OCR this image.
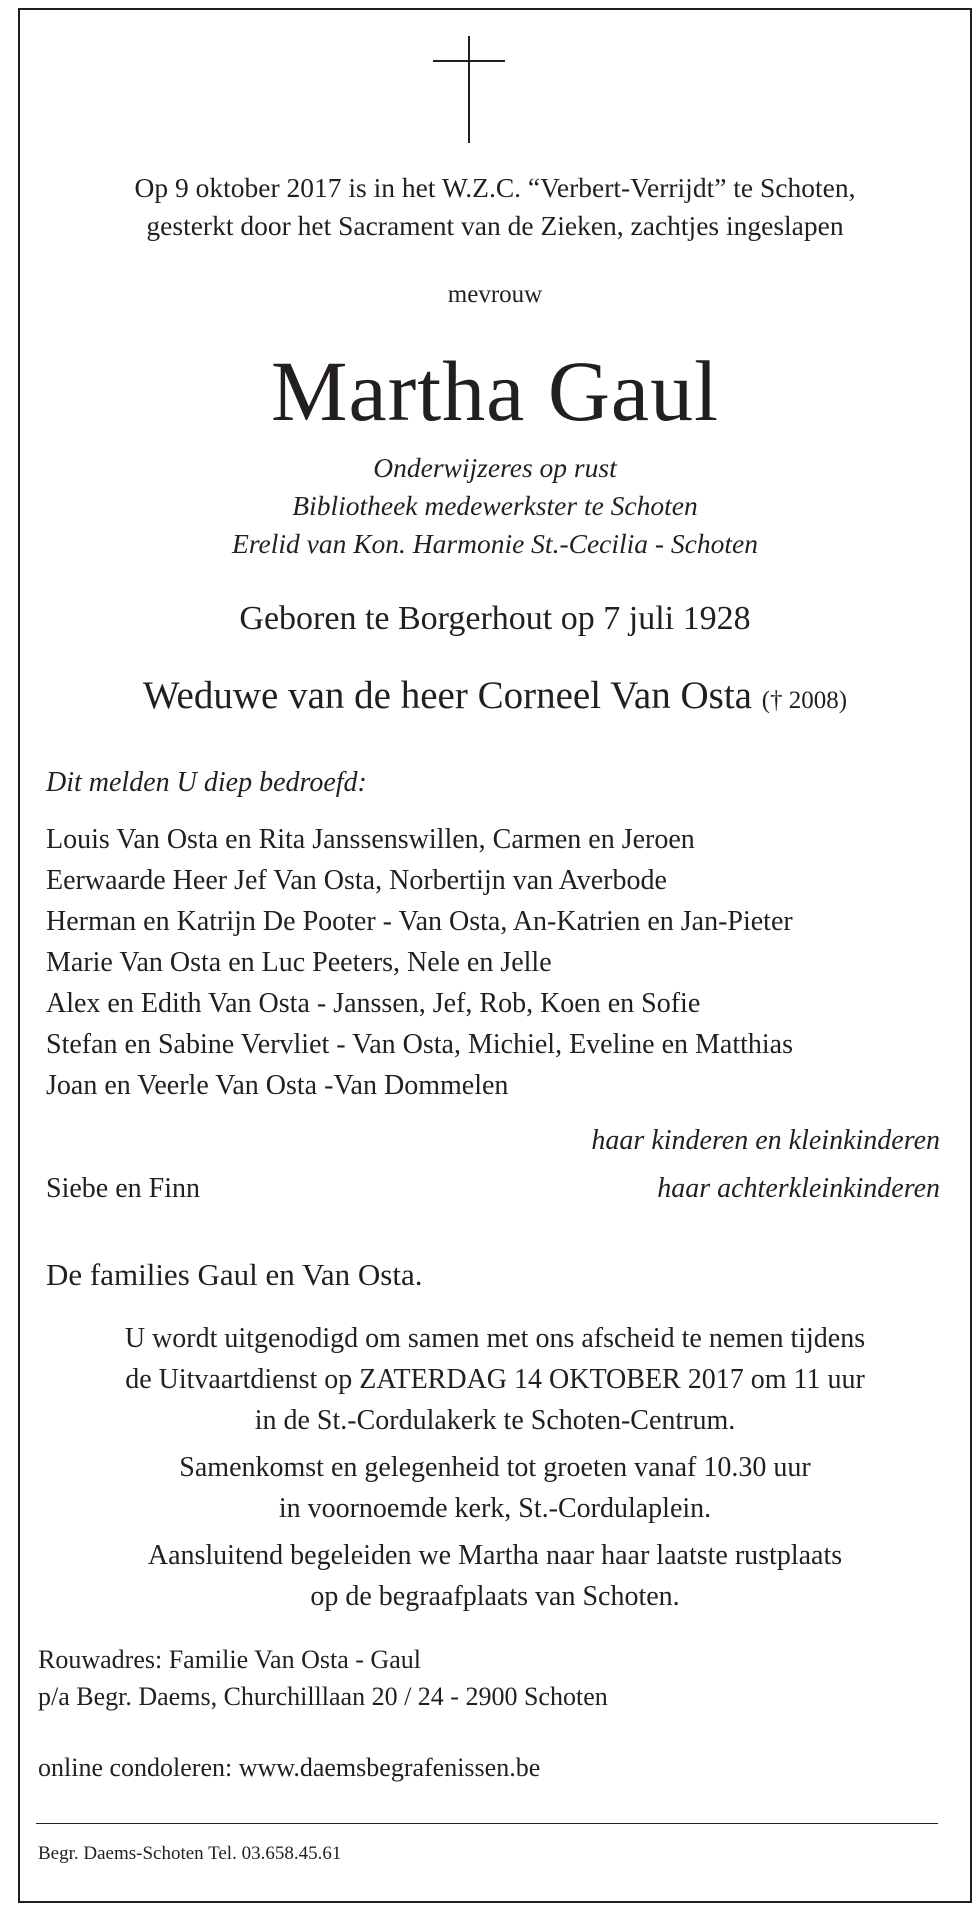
Op 9 oktober 2017 is in het W.Z.C. “Verbert-Verrijdt” te Schoten,
gesterkt door het Sacrament van de Zieken, zachtjes ingeslapen
mevrouw
Martha Gaul
Onderwijzeres op rust
Bibliotheek medewerkster te Schoten
Erelid van Kon. Harmonie St.-Cecilia - Schoten
Geboren te Borgerhout op 7 juli 1928
Weduwe van de heer Corneel Van Osta († 2008)
Dit melden U diep bedroefd:
Louis Van Osta en Rita Janssenswillen, Carmen en Jeroen
Eerwaarde Heer Jef Van Osta, Norbertijn van Averbode
Herman en Katrijn De Pooter - Van Osta, An-Katrien en Jan-Pieter
Marie Van Osta en Luc Peeters, Nele en Jelle
Alex en Edith Van Osta - Janssen, Jef, Rob, Koen en Sofie
Stefan en Sabine Vervliet - Van Osta, Michiel, Eveline en Matthias
Joan en Veerle Van Osta -Van Dommelen
haar kinderen en kleinkinderen
Siebe en Finn	haar achterkleinkinderen
De families Gaul en Van Osta.
U wordt uitgenodigd om samen met ons afscheid te nemen tijdens
de Uitvaartdienst op ZATERDAG 14 OKTOBER 2017 om 11 uur
in de St.-Cordulakerk te Schoten-Centrum.
Samenkomst en gelegenheid tot groeten vanaf 10.30 uur
in voornoemde kerk, St.-Cordulaplein.
Aansluitend begeleiden we Martha naar haar laatste rustplaats
op de begraafplaats van Schoten.
Rouwadres: Familie Van Osta - Gaul
p/a Begr. Daems, Churchilllaan 20 / 24 - 2900 Schoten
online condoleren: www.daemsbegrafenissen.be
Begr. Daems-Schoten Tel. 03.658.45.61
